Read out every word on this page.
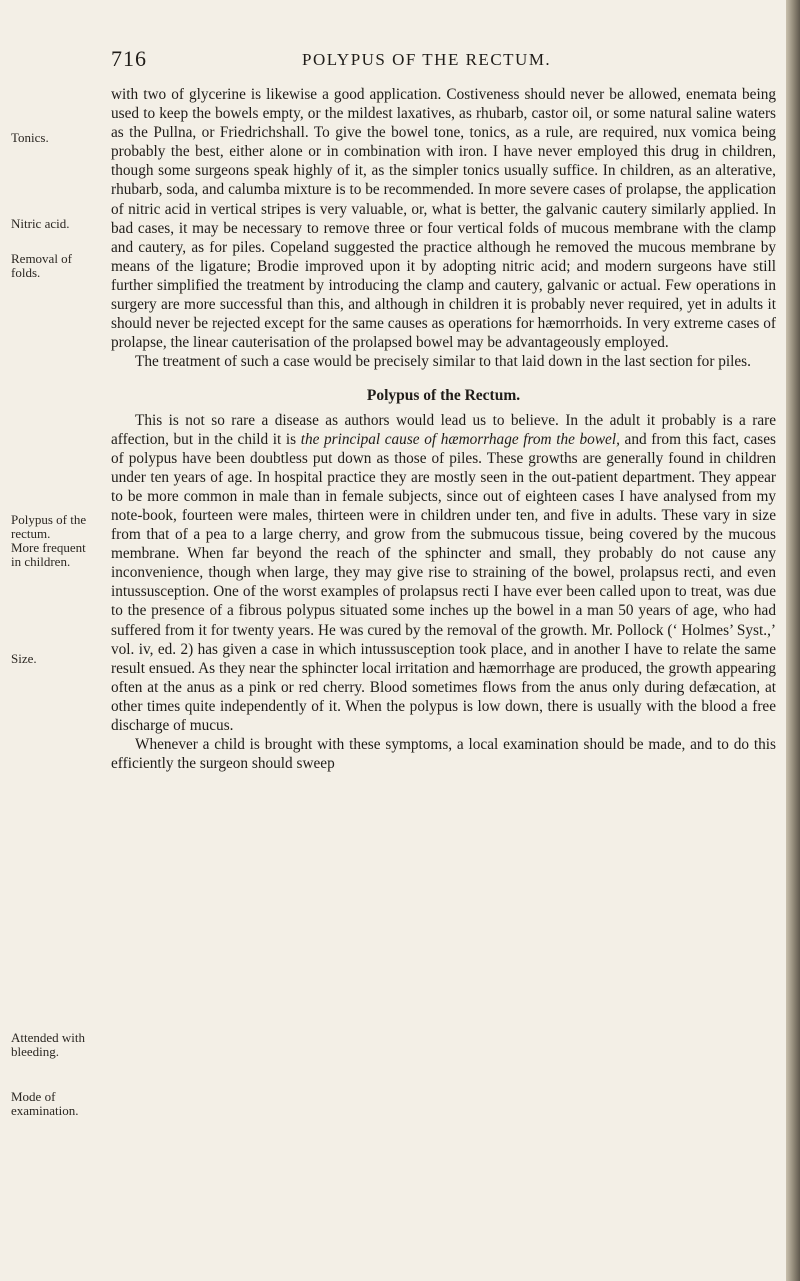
716	POLYPUS OF THE RECTUM.
Tonics.
Nitric acid.
Removal of folds.
Polypus of the rectum.
More frequent in children.
Size.
Attended with bleeding.
Mode of examination.

with two of glycerine is likewise a good application. Costiveness should never be allowed, enemata being used to keep the bowels empty, or the mildest laxatives, as rhubarb, castor oil, or some natural saline waters as the Pullna, or Friedrichshall. To give the bowel tone, tonics, as a rule, are required, nux vomica being probably the best, either alone or in combination with iron. I have never employed this drug in children, though some surgeons speak highly of it, as the simpler tonics usually suffice. In children, as an alterative, rhubarb, soda, and calumba mixture is to be recommended. In more severe cases of prolapse, the application of nitric acid in vertical stripes is very valuable, or, what is better, the galvanic cautery similarly applied. In bad cases, it may be necessary to remove three or four vertical folds of mucous membrane with the clamp and cautery, as for piles. Copeland suggested the practice although he removed the mucous membrane by means of the ligature; Brodie improved upon it by adopting nitric acid; and modern surgeons have still further simplified the treatment by introducing the clamp and cautery, galvanic or actual. Few operations in surgery are more successful than this, and although in children it is probably never required, yet in adults it should never be rejected except for the same causes as operations for hæmorrhoids. In very extreme cases of prolapse, the linear cauterisation of the prolapsed bowel may be advantageously employed.

The treatment of such a case would be precisely similar to that laid down in the last section for piles.

Polypus of the Rectum.

This is not so rare a disease as authors would lead us to believe. In the adult it probably is a rare affection, but in the child it is the principal cause of hæmorrhage from the bowel, and from this fact, cases of polypus have been doubtless put down as those of piles. These growths are generally found in children under ten years of age. In hospital practice they are mostly seen in the out-patient department. They appear to be more common in male than in female subjects, since out of eighteen cases I have analysed from my note-book, fourteen were males, thirteen were in children under ten, and five in adults. These vary in size from that of a pea to a large cherry, and grow from the submucous tissue, being covered by the mucous membrane. When far beyond the reach of the sphincter and small, they probably do not cause any inconvenience, though when large, they may give rise to straining of the bowel, prolapsus recti, and even intussusception. One of the worst examples of prolapsus recti I have ever been called upon to treat, was due to the presence of a fibrous polypus situated some inches up the bowel in a man 50 years of age, who had suffered from it for twenty years. He was cured by the removal of the growth. Mr. Pollock (‘ Holmes’ Syst.,’ vol. iv, ed. 2) has given a case in which intussusception took place, and in another I have to relate the same result ensued. As they near the sphincter local irritation and hæmorrhage are produced, the growth appearing often at the anus as a pink or red cherry. Blood sometimes flows from the anus only during defæcation, at other times quite independently of it. When the polypus is low down, there is usually with the blood a free discharge of mucus.

Whenever a child is brought with these symptoms, a local examination should be made, and to do this efficiently the surgeon should sweep
